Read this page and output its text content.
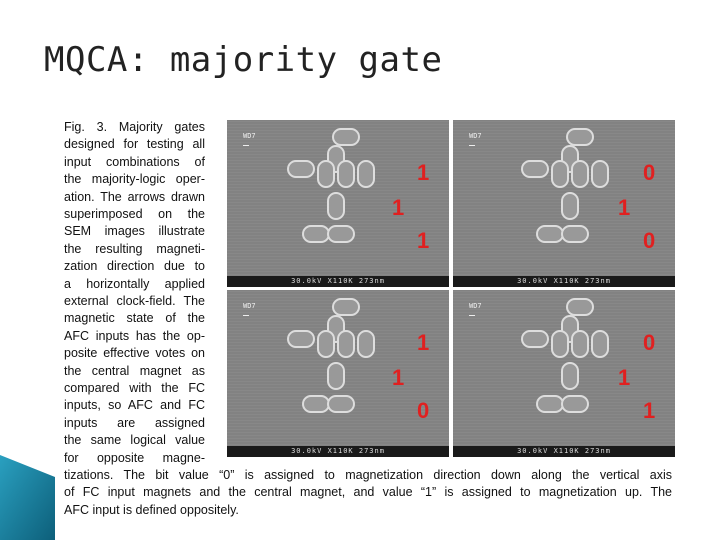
MQCA: majority gate
Fig. 3. Majority gates
designed for testing all
input combinations of
the majority-logic oper-
ation. The arrows drawn
superimposed on the
SEM images illustrate
the resulting magneti-
zation direction due to
a horizontally applied
external clock-field. The
magnetic state of the
AFC inputs has the op-
posite effective votes on
the central magnet as
compared with the FC
inputs, so AFC and FC
inputs are assigned
the same logical value
for opposite magne-
tizations. The bit value “0” is assigned to magnetization direction down along the vertical axis
of FC input magnets and the central magnet, and value “1” is assigned to magnetization up. The
AFC input is defined oppositely.
WD7
1
1
1
30.0kV X110K 273nm
WD7
0
1
0
30.0kV X110K 273nm
WD7
1
1
0
30.0kV X110K 273nm
WD7
0
1
1
30.0kV X110K 273nm
